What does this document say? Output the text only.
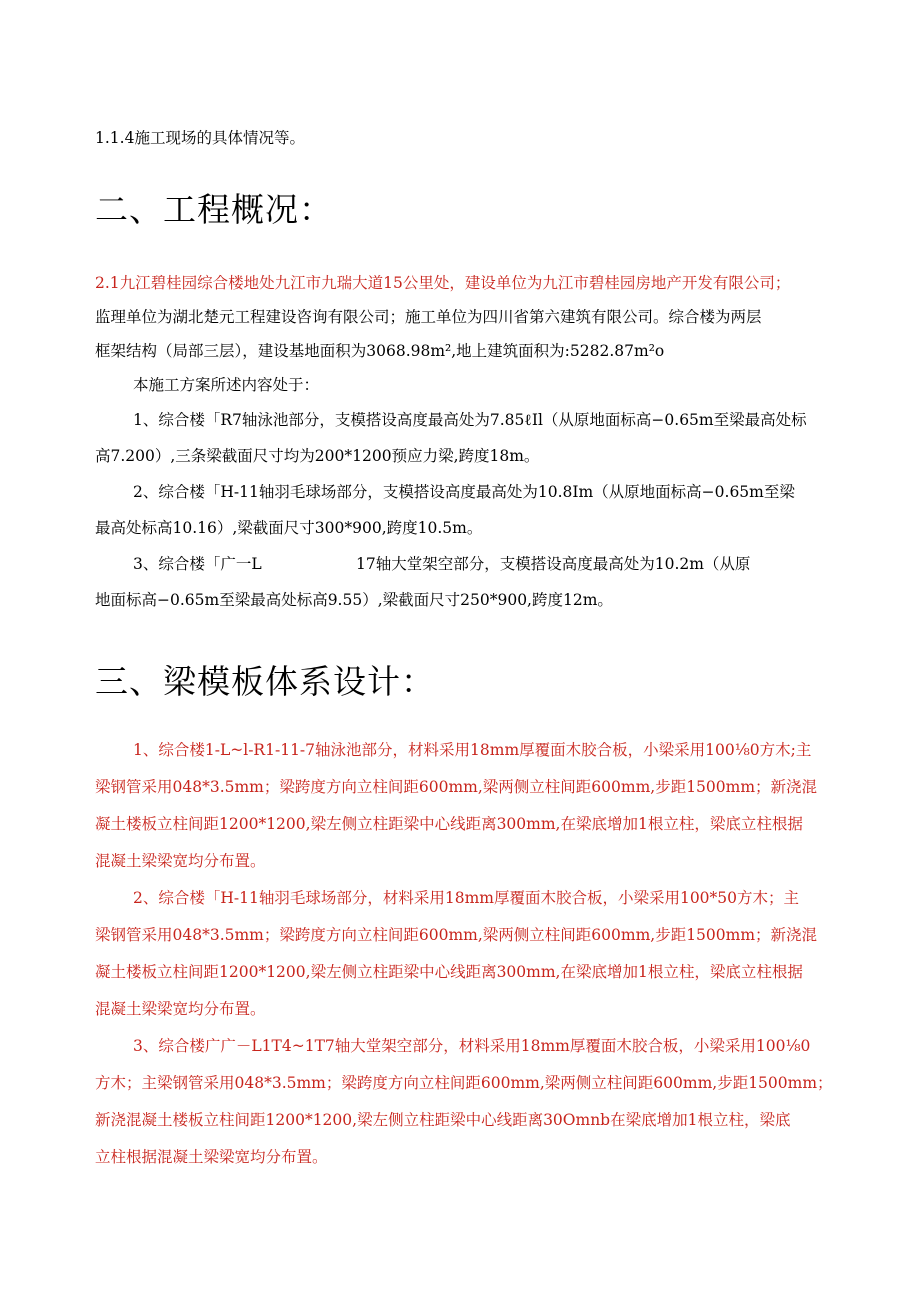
1.1.4施工现场的具体情况等。
二、工程概况：
2.1九江碧桂园综合楼地处九江市九瑞大道15公里处，建设单位为九江市碧桂园房地产开发有限公司；
监理单位为湖北楚元工程建设咨询有限公司；施工单位为四川省第六建筑有限公司。综合楼为两层
框架结构（局部三层），建设基地面积为3068.98m²,地上建筑面积为:5282.87m²o
本施工方案所述内容处于：
1、综合楼「R7轴泳池部分，支模搭设高度最高处为7.85ℓIl（从原地面标高−0.65m至梁最高处标
高7.200）,三条梁截面尺寸均为200*1200预应力梁,跨度18m。
2、综合楼「H-11轴羽毛球场部分，支模搭设高度最高处为10.8Im（从原地面标高−0.65m至梁
最高处标高10.16）,梁截面尺寸300*900,跨度10.5m。
3、综合楼「广一L	17轴大堂架空部分，支模搭设高度最高处为10.2m（从原
地面标高−0.65m至梁最高处标高9.55）,梁截面尺寸250*900,跨度12m。
三、梁模板体系设计：
1、综合楼1-L~l-R1-11-7轴泳池部分，材料采用18mm厚覆面木胶合板，小梁采用100⅛0方木;主
梁钢管采用048*3.5mm；梁跨度方向立柱间距600mm,梁两侧立柱间距600mm,步距1500mm；新浇混
凝土楼板立柱间距1200*1200,梁左侧立柱距梁中心线距离300mm,在梁底增加1根立柱，梁底立柱根据
混凝土梁梁宽均分布置。
2、综合楼「H-11轴羽毛球场部分，材料采用18mm厚覆面木胶合板，小梁采用100*50方木；主
梁钢管采用048*3.5mm；梁跨度方向立柱间距600mm,梁两侧立柱间距600mm,步距1500mm；新浇混
凝土楼板立柱间距1200*1200,梁左侧立柱距梁中心线距离300mm,在梁底增加1根立柱，梁底立柱根据
混凝土梁梁宽均分布置。
3、综合楼广广－L1T4~1T7轴大堂架空部分，材料采用18mm厚覆面木胶合板，小梁采用100⅛0
方木；主梁钢管采用048*3.5mm；梁跨度方向立柱间距600mm,梁两侧立柱间距600mm,步距1500mm；
新浇混凝土楼板立柱间距1200*1200,梁左侧立柱距梁中心线距离30Omnb在梁底增加1根立柱，梁底
立柱根据混凝土梁梁宽均分布置。
